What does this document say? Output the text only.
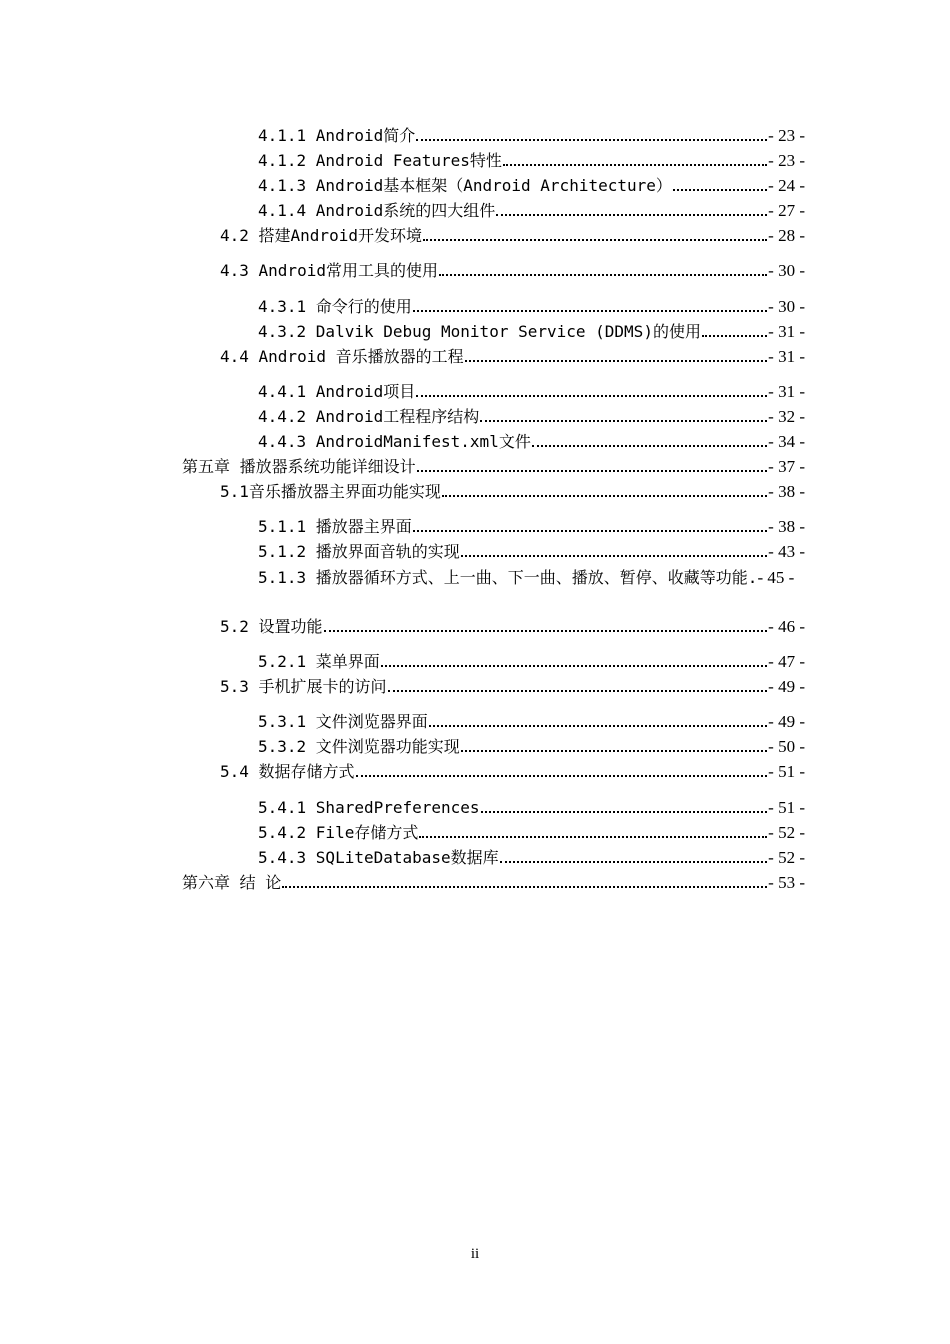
4.1.1 Android简介	- 23 -
4.1.2 Android Features特性	- 23 -
4.1.3 Android基本框架（Android Architecture）	- 24 -
4.1.4 Android系统的四大组件	- 27 -
4.2 搭建Android开发环境	- 28 -
4.3 Android常用工具的使用	- 30 -
4.3.1 命令行的使用	- 30 -
4.3.2 Dalvik Debug Monitor Service (DDMS)的使用	- 31 -
4.4 Android 音乐播放器的工程	- 31 -
4.4.1 Android项目	- 31 -
4.4.2 Android工程程序结构	- 32 -
4.4.3 AndroidManifest.xml文件	- 34 -
第五章 播放器系统功能详细设计	- 37 -
5.1音乐播放器主界面功能实现	- 38 -
5.1.1 播放器主界面	- 38 -
5.1.2 播放界面音轨的实现	- 43 -
5.1.3 播放器循环方式、上一曲、下一曲、播放、暂停、收藏等功能.- 45 -
5.2 设置功能	- 46 -
5.2.1 菜单界面	- 47 -
5.3 手机扩展卡的访问	- 49 -
5.3.1 文件浏览器界面	- 49 -
5.3.2 文件浏览器功能实现	- 50 -
5.4 数据存储方式	- 51 -
5.4.1 SharedPreferences	- 51 -
5.4.2 File存储方式	- 52 -
5.4.3 SQLiteDatabase数据库	- 52 -
第六章 结 论	- 53 -
ii
